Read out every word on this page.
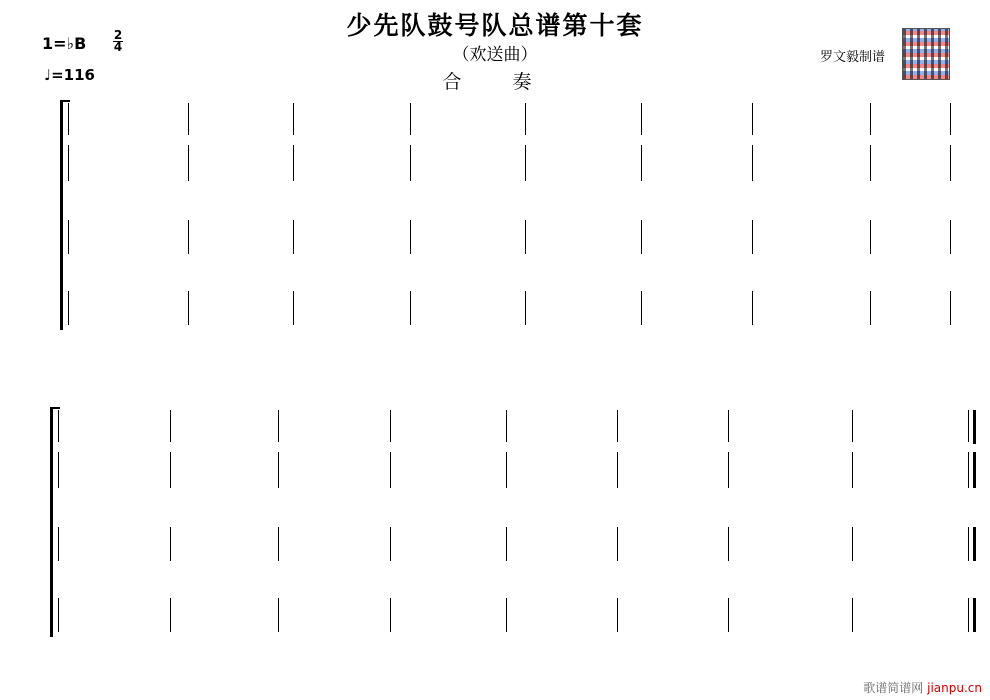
少先队鼓号队总谱第十套
（欢送曲）
合　奏
1=♭B 2
4
♩=116
罗文毅制谱
歌谱简谱网 jianpu.cn
